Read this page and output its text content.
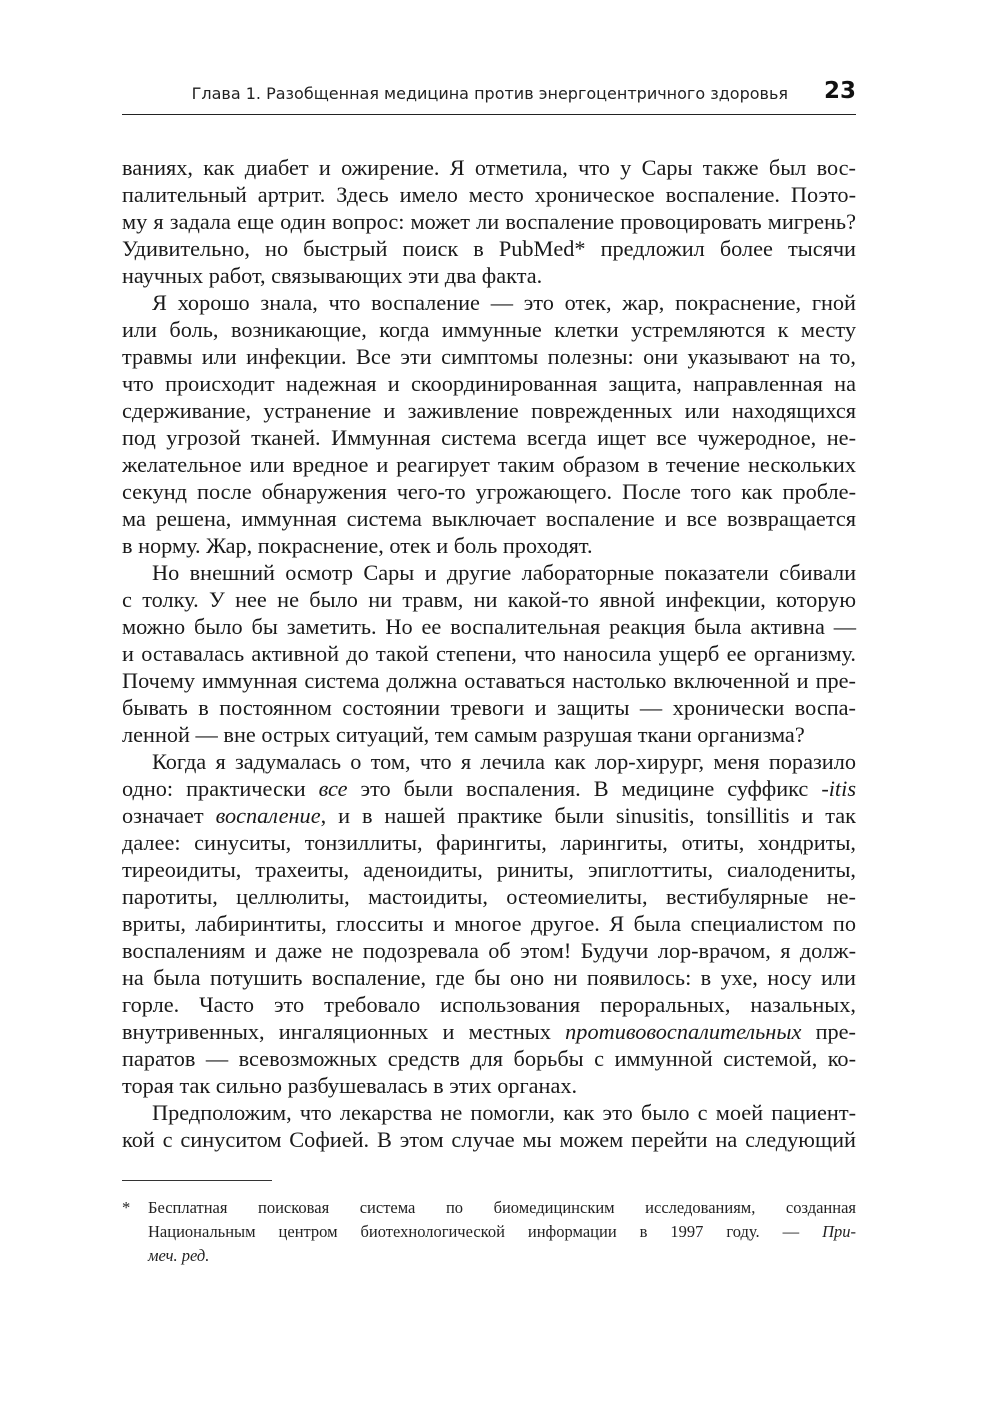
Глава 1. Разобщенная медицина против энергоцентричного здоровья 23
ваниях, как диабет и ожирение. Я отметила, что у Сары также был вос-
палительный артрит. Здесь имело место хроническое воспаление. Поэто-
му я задала еще один вопрос: может ли воспаление провоцировать мигрень?
Удивительно, но быстрый поиск в PubMed* предложил более тысячи
научных работ, связывающих эти два факта.
Я хорошо знала, что воспаление — это отек, жар, покраснение, гной
или боль, возникающие, когда иммунные клетки устремляются к месту
травмы или инфекции. Все эти симптомы полезны: они указывают на то,
что происходит надежная и скоординированная защита, направленная на
сдерживание, устранение и заживление поврежденных или находящихся
под угрозой тканей. Иммунная система всегда ищет все чужеродное, не-
желательное или вредное и реагирует таким образом в течение нескольких
секунд после обнаружения чего-то угрожающего. После того как пробле-
ма решена, иммунная система выключает воспаление и все возвращается
в норму. Жар, покраснение, отек и боль проходят.
Но внешний осмотр Сары и другие лабораторные показатели сбивали
с толку. У нее не было ни травм, ни какой-то явной инфекции, которую
можно было бы заметить. Но ее воспалительная реакция была активна —
и оставалась активной до такой степени, что наносила ущерб ее организму.
Почему иммунная система должна оставаться настолько включенной и пре-
бывать в постоянном состоянии тревоги и защиты — хронически воспа-
ленной — вне острых ситуаций, тем самым разрушая ткани организма?
Когда я задумалась о том, что я лечила как лор-хирург, меня поразило
одно: практически все это были воспаления. В медицине суффикс -itis
означает воспаление, и в нашей практике были sinusitis, tonsillitis и так
далее: синуситы, тонзиллиты, фарингиты, ларингиты, отиты, хондриты,
тиреоидиты, трахеиты, аденоидиты, риниты, эпиглоттиты, сиалодениты,
паротиты, целлюлиты, мастоидиты, остеомиелиты, вестибулярные не-
вриты, лабиринтиты, глосситы и многое другое. Я была специалистом по
воспалениям и даже не подозревала об этом! Будучи лор-врачом, я долж-
на была потушить воспаление, где бы оно ни появилось: в ухе, носу или
горле. Часто это требовало использования пероральных, назальных,
внутривенных, ингаляционных и местных противовоспалительных пре-
паратов — всевозможных средств для борьбы с иммунной системой, ко-
торая так сильно разбушевалась в этих органах.
Предположим, что лекарства не помогли, как это было с моей пациент-
кой с синуситом Софией. В этом случае мы можем перейти на следующий
* Бесплатная поисковая система по биомедицинским исследованиям, созданная
Национальным центром биотехнологической информации в 1997 году. — При-
меч. ред.
